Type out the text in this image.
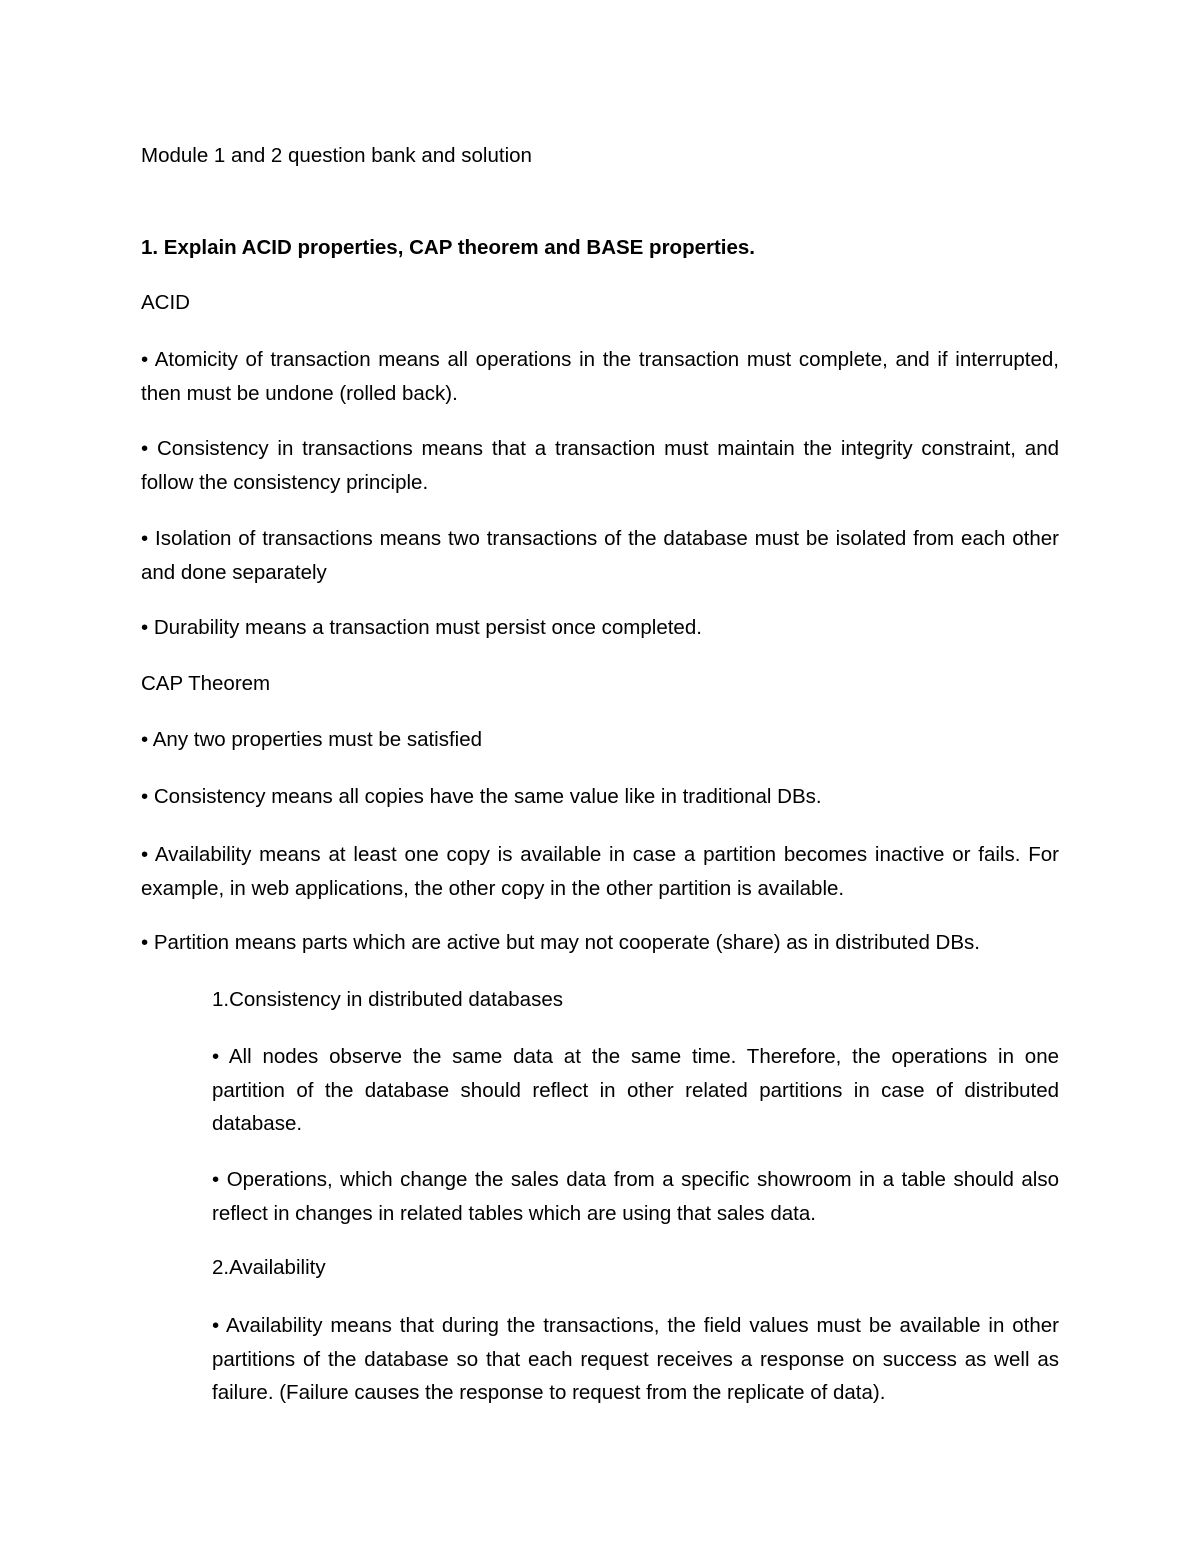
Module 1 and 2 question bank and solution
1. Explain ACID properties, CAP theorem and BASE properties.
ACID
• Atomicity of transaction means all operations in the transaction must complete, and if interrupted, then must be undone (rolled back).
• Consistency in transactions means that a transaction must maintain the integrity constraint, and follow the consistency principle.
• Isolation of transactions means two transactions of the database must be isolated from each other and done separately
• Durability means a transaction must persist once completed.
CAP Theorem
• Any two properties must be satisfied
• Consistency means all copies have the same value like in traditional DBs.
• Availability means at least one copy is available in case a partition becomes inactive or fails. For example, in web applications, the other copy in the other partition is available.
• Partition means parts which are active but may not cooperate (share) as in distributed DBs.
1.Consistency in distributed databases
• All nodes observe the same data at the same time. Therefore, the operations in one partition of the database should reflect in other related partitions in case of distributed database.
• Operations, which change the sales data from a specific showroom in a table should also reflect in changes in related tables which are using that sales data.
2.Availability
• Availability means that during the transactions, the field values must be available in other partitions of the database so that each request receives a response on success as well as failure. (Failure causes the response to request from the replicate of data).
